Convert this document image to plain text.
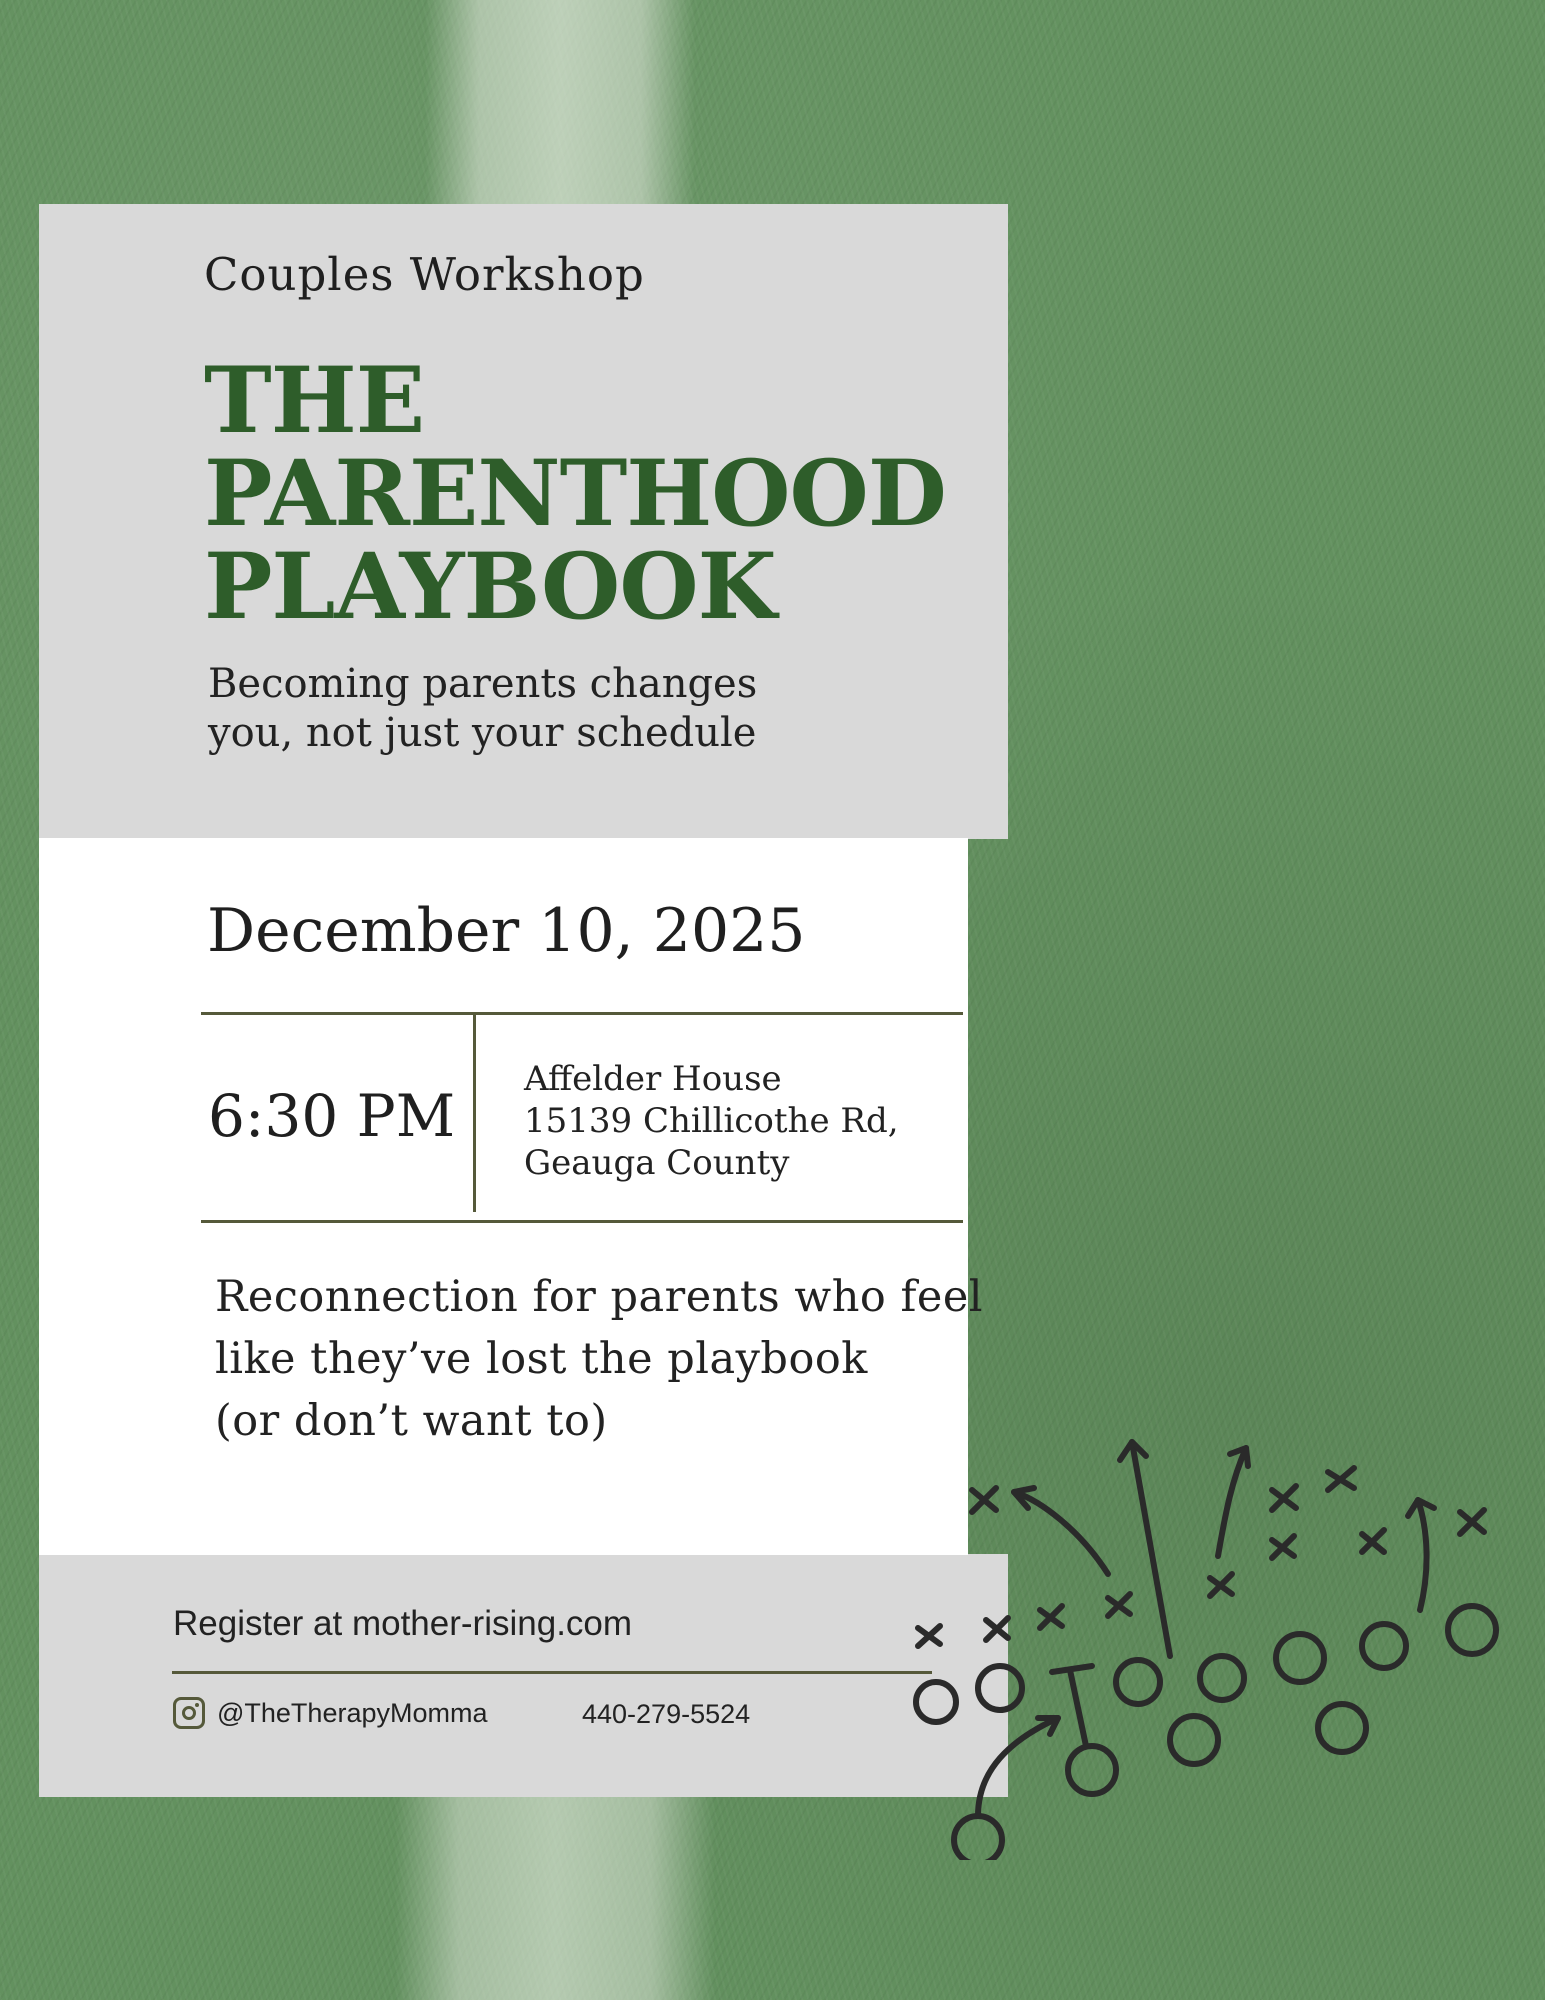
Couples Workshop
THE
PARENTHOOD
PLAYBOOK
Becoming parents changes
you, not just your schedule
December 10, 2025
6:30 PM
Affelder House
15139 Chillicothe Rd,
Geauga County
Reconnection for parents who feel
like they’ve lost the playbook
(or don’t want to)
Register at mother-rising.com
@TheTherapyMomma	440-279-5524
